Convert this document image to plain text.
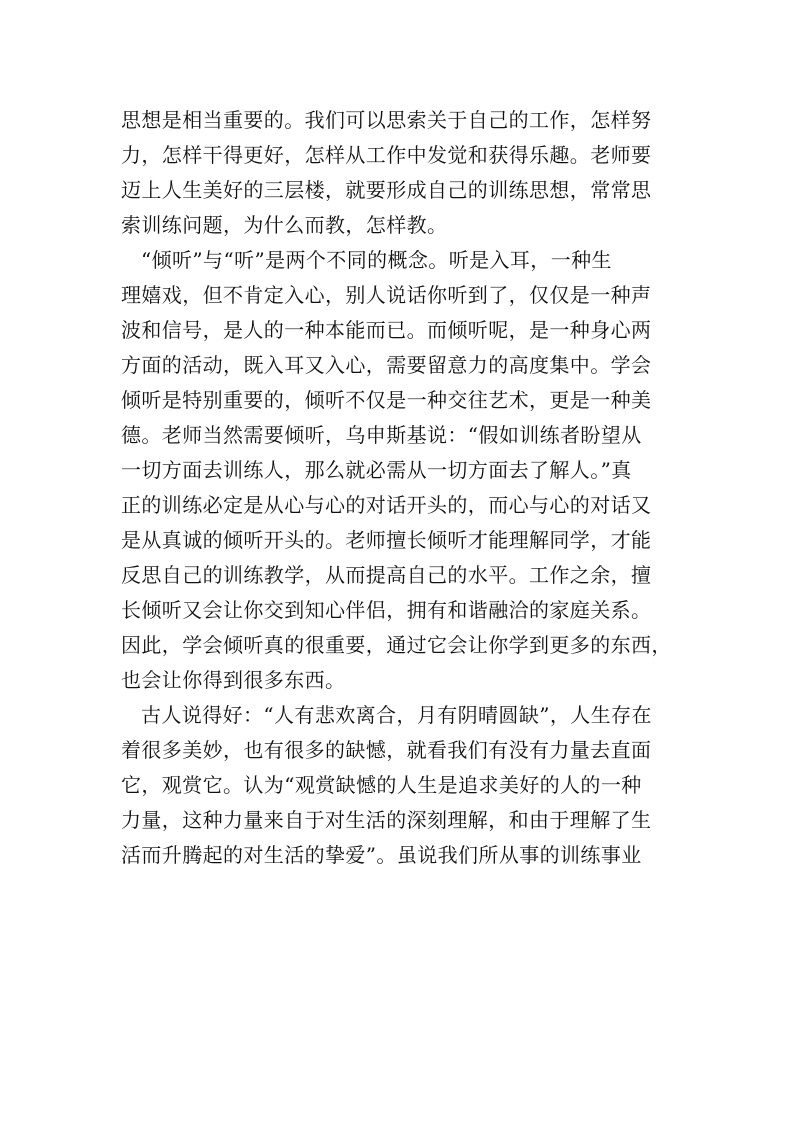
思想是相当重要的。我们可以思索关于自己的工作，怎样努
力，怎样干得更好，怎样从工作中发觉和获得乐趣。老师要
迈上人生美好的三层楼，就要形成自己的训练思想，常常思
索训练问题，为什么而教，怎样教。
“倾听”与“听”是两个不同的概念。听是入耳，一种生
理嬉戏，但不肯定入心，别人说话你听到了，仅仅是一种声
波和信号，是人的一种本能而已。而倾听呢，是一种身心两
方面的活动，既入耳又入心，需要留意力的高度集中。学会
倾听是特别重要的，倾听不仅是一种交往艺术，更是一种美
德。老师当然需要倾听，乌申斯基说：“假如训练者盼望从
一切方面去训练人，那么就必需从一切方面去了解人。”真
正的训练必定是从心与心的对话开头的，而心与心的对话又
是从真诚的倾听开头的。老师擅长倾听才能理解同学，才能
反思自己的训练教学，从而提高自己的水平。工作之余，擅
长倾听又会让你交到知心伴侣，拥有和谐融洽的家庭关系。
因此，学会倾听真的很重要，通过它会让你学到更多的东西，
也会让你得到很多东西。
古人说得好：“人有悲欢离合，月有阴晴圆缺”，人生存在
着很多美妙，也有很多的缺憾，就看我们有没有力量去直面
它，观赏它。认为“观赏缺憾的人生是追求美好的人的一种
力量，这种力量来自于对生活的深刻理解，和由于理解了生
活而升腾起的对生活的挚爱”。虽说我们所从事的训练事业
